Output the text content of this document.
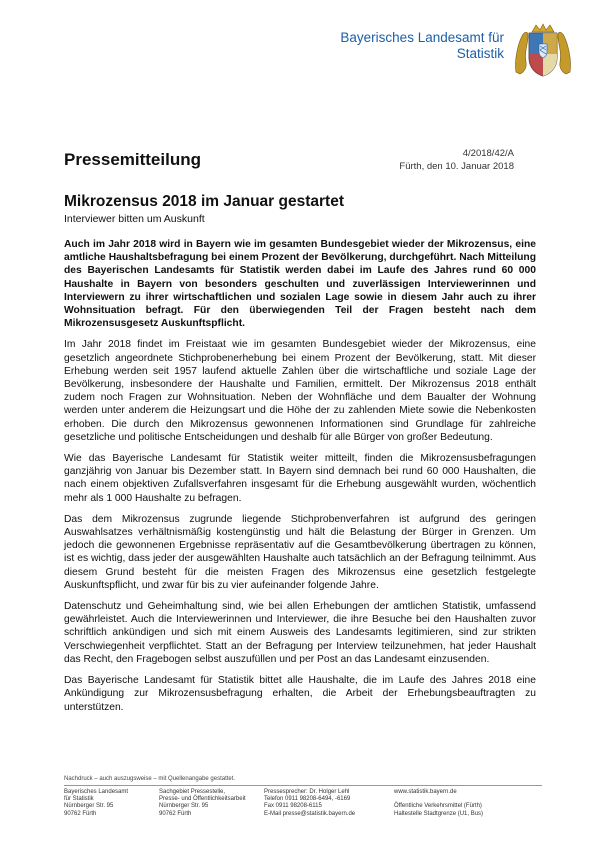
Bayerisches Landesamt für
Statistik
Pressemitteilung	4/2018/42/A
Fürth, den 10. Januar 2018
Mikrozensus 2018 im Januar gestartet
Interviewer bitten um Auskunft

Auch im Jahr 2018 wird in Bayern wie im gesamten Bundesgebiet wieder der Mikrozensus, eine amtliche Haushaltsbefragung bei einem Prozent der Bevölkerung, durchgeführt. Nach Mitteilung des Bayerischen Landesamts für Statistik werden dabei im Laufe des Jahres rund 60 000 Haushalte in Bayern von besonders geschulten und zuverlässigen Interviewerinnen und Interviewern zu ihrer wirtschaftlichen und sozialen Lage sowie in diesem Jahr auch zu ihrer Wohnsituation befragt. Für den überwiegenden Teil der Fragen besteht nach dem Mikrozensusgesetz Auskunftspflicht.

Im Jahr 2018 findet im Freistaat wie im gesamten Bundesgebiet wieder der Mikrozensus, eine gesetzlich angeordnete Stichprobenerhebung bei einem Prozent der Bevölkerung, statt. Mit dieser Erhebung werden seit 1957 laufend aktuelle Zahlen über die wirtschaftliche und soziale Lage der Bevölkerung, insbesondere der Haushalte und Familien, ermittelt. Der Mikrozensus 2018 enthält zudem noch Fragen zur Wohnsituation. Neben der Wohnfläche und dem Baualter der Wohnung werden unter anderem die Heizungsart und die Höhe der zu zahlenden Miete sowie die Nebenkosten erhoben. Die durch den Mikrozensus gewonnenen Informationen sind Grundlage für zahlreiche gesetzliche und politische Entscheidungen und deshalb für alle Bürger von großer Bedeutung.

Wie das Bayerische Landesamt für Statistik weiter mitteilt, finden die Mikrozensusbefragungen ganzjährig von Januar bis Dezember statt. In Bayern sind demnach bei rund 60 000 Haushalten, die nach einem objektiven Zufallsverfahren insgesamt für die Erhebung ausgewählt wurden, wöchentlich mehr als 1 000 Haushalte zu befragen.

Das dem Mikrozensus zugrunde liegende Stichprobenverfahren ist aufgrund des geringen Auswahlsatzes verhältnismäßig kostengünstig und hält die Belastung der Bürger in Grenzen. Um jedoch die gewonnenen Ergebnisse repräsentativ auf die Gesamtbevölkerung übertragen zu können, ist es wichtig, dass jeder der ausgewählten Haushalte auch tatsächlich an der Befragung teilnimmt. Aus diesem Grund besteht für die meisten Fragen des Mikrozensus eine gesetzlich festgelegte Auskunftspflicht, und zwar für bis zu vier aufeinander folgende Jahre.

Datenschutz und Geheimhaltung sind, wie bei allen Erhebungen der amtlichen Statistik, umfassend gewährleistet. Auch die Interviewerinnen und Interviewer, die ihre Besuche bei den Haushalten zuvor schriftlich ankündigen und sich mit einem Ausweis des Landesamts legitimieren, sind zur strikten Verschwiegenheit verpflichtet. Statt an der Befragung per Interview teilzunehmen, hat jeder Haushalt das Recht, den Fragebogen selbst auszufüllen und per Post an das Landesamt einzusenden.

Das Bayerische Landesamt für Statistik bittet alle Haushalte, die im Laufe des Jahres 2018 eine Ankündigung zur Mikrozensusbefragung erhalten, die Arbeit der Erhebungsbeauftragten zu unterstützen.

Nachdruck – auch auszugsweise – mit Quellenangabe gestattet.
Bayerisches Landesamt
für Statistik
Nürnberger Str. 95
90762 Fürth
Sachgebiet Pressestelle,
Presse- und Öffentlichkeitsarbeit
Nürnberger Str. 95
90762 Fürth
Pressesprecher: Dr. Holger Lehl
Telefon 0911 98208-6494, -6169
Fax 0911 98208-6115
E-Mail presse@statistik.bayern.de
www.statistik.bayern.de

Öffentliche Verkehrsmittel (Fürth)
Haltestelle Stadtgrenze (U1, Bus)
